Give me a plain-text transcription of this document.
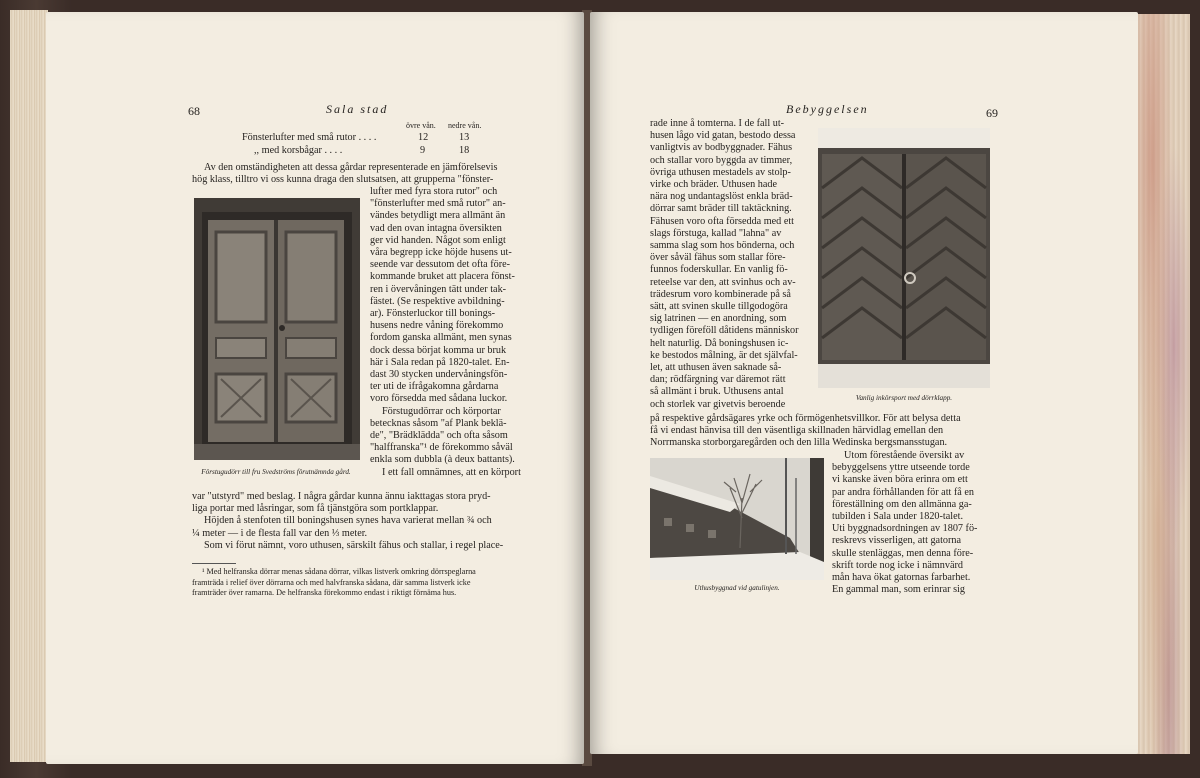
68	Sala stad
övre vån. nedre vån.
Fönsterlufter med små rutor . . . .	12	13
,, med korsbågar . . . .	9	18
Av den omständigheten att dessa gårdar representerade en jämförelsevis
hög klass, tilltro vi oss kunna draga den slutsatsen, att grupperna "fönster-
Förstugudörr till fru Svedströms förutnämnda gård.
lufter med fyra stora rutor" och
"fönsterlufter med små rutor" an-
vändes betydligt mera allmänt än
vad den ovan intagna översikten
ger vid handen. Något som enligt
våra begrepp icke höjde husens ut-
seende var dessutom det ofta före-
kommande bruket att placera fönst-
ren i övervåningen tätt under tak-
fästet. (Se respektive avbildning-
ar). Fönsterluckor till bonings-
husens nedre våning förekommo
fordom ganska allmänt, men synas
dock dessa börjat komma ur bruk
här i Sala redan på 1820-talet. En-
dast 30 stycken undervåningsfön-
ter uti de ifrågakomna gårdarna
voro försedda med sådana luckor.
Förstugudörrar och körportar
betecknas såsom "af Plank beklä-
de", "Brädklädda" och ofta såsom
"halffranska"¹ de förekommo såväl
enkla som dubbla (à deux battants).
I ett fall omnämnes, att en körport
var "utstyrd" med beslag. I några gårdar kunna ännu iakttagas stora pryd-
liga portar med låsringar, som få tjänstgöra som portklappar.
Höjden å stenfoten till boningshusen synes hava varierat mellan ¾ och
¼ meter — i de flesta fall var den ⅓ meter.
Som vi förut nämnt, voro uthusen, särskilt fähus och stallar, i regel place-
¹ Med helfranska dörrar menas sådana dörrar, vilkas listverk omkring dörrspeglarna
framträda i relief över dörrarna och med halvfranska sådana, där samma listverk icke
framträder över ramarna. De helfranska förekommo endast i riktigt förnäma hus.
Bebyggelsen	69
rade inne å tomterna. I de fall ut-
husen lågo vid gatan, bestodo dessa
vanligtvis av bodbyggnader. Fähus
och stallar voro byggda av timmer,
övriga uthusen mestadels av stolp-
virke och bräder. Uthusen hade
nära nog undantagslöst enkla bräd-
dörrar samt bräder till taktäckning.
Fähusen voro ofta försedda med ett
slags förstuga, kallad "lahna" av
samma slag som hos bönderna, och
över såväl fähus som stallar före-
funnos foderskullar. En vanlig fö-
reteelse var den, att svinhus och av-
trädesrum voro kombinerade på så
sätt, att svinen skulle tillgodogöra
sig latrinen — en anordning, som
tydligen föreföll dåtidens människor
helt naturlig. Då boningshusen ic-
ke bestodos målning, är det självfal-
let, att uthusen även saknade så-
dan; rödfärgning var däremot rätt
så allmänt i bruk. Uthusens antal
och storlek var givetvis beroende
Vanlig inkörsport med dörrklapp.
på respektive gårdsägares yrke och förmögenhetsvillkor. För att belysa detta
få vi endast hänvisa till den väsentliga skillnaden härvidlag emellan den
Norrmanska storborgaregården och den lilla Wedinska bergsmansstugan.
Uthusbyggnad vid gatulinjen.
Utom förestående översikt av
bebyggelsens yttre utseende torde
vi kanske även böra erinra om ett
par andra förhållanden för att få en
föreställning om den allmänna ga-
tubilden i Sala under 1820-talet.
Uti byggnadsordningen av 1807 fö-
reskrevs visserligen, att gatorna
skulle stenläggas, men denna före-
skrift torde nog icke i nämnvärd
mån hava ökat gatornas farbarhet.
En gammal man, som erinrar sig
